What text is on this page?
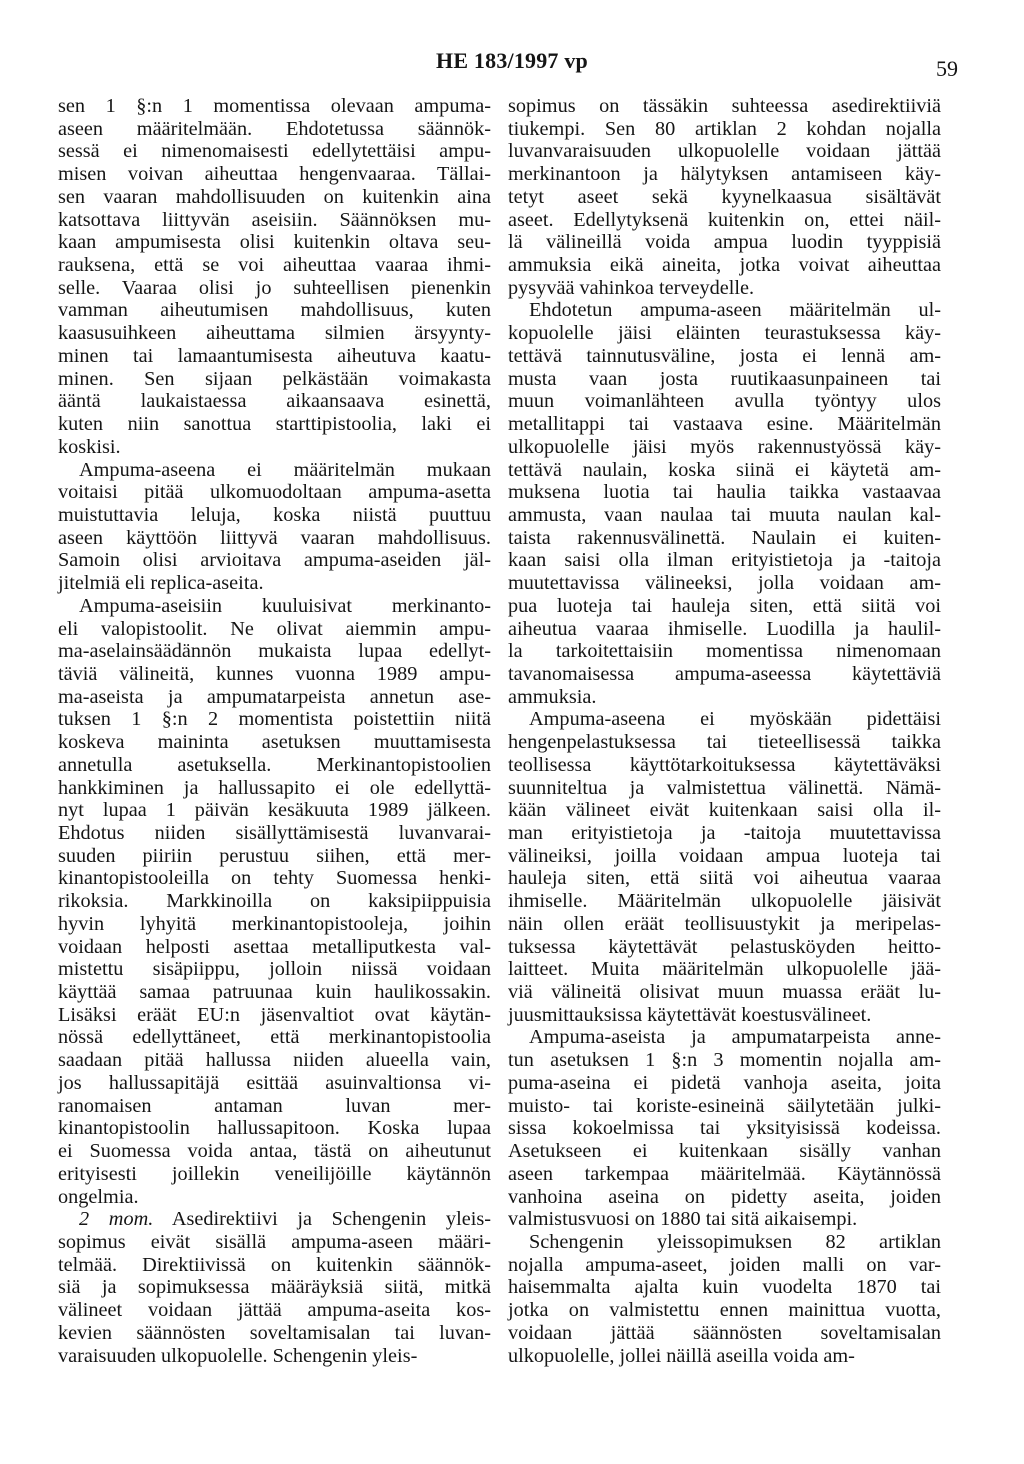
HE 183/1997 vp	59
sen 1 §:n 1 momentissa olevaan ampuma-
aseen määritelmään. Ehdotetussa säännök-
sessä ei nimenomaisesti edellytettäisi ampu-
misen voivan aiheuttaa hengenvaaraa. Tällai-
sen vaaran mahdollisuuden on kuitenkin aina
katsottava liittyvän aseisiin. Säännöksen mu-
kaan ampumisesta olisi kuitenkin oltava seu-
rauksena, että se voi aiheuttaa vaaraa ihmi-
selle. Vaaraa olisi jo suhteellisen pienenkin
vamman aiheutumisen mahdollisuus, kuten
kaasusuihkeen aiheuttama silmien ärsyynty-
minen tai lamaantumisesta aiheutuva kaatu-
minen. Sen sijaan pelkästään voimakasta
ääntä laukaistaessa aikaansaava esinettä,
kuten niin sanottua starttipistoolia, laki ei
koskisi.
Ampuma-aseena ei määritelmän mukaan
voitaisi pitää ulkomuodoltaan ampuma-asetta
muistuttavia leluja, koska niistä puuttuu
aseen käyttöön liittyvä vaaran mahdollisuus.
Samoin olisi arvioitava ampuma-aseiden jäl-
jitelmiä eli replica-aseita.
Ampuma-aseisiin kuuluisivat merkinanto-
eli valopistoolit. Ne olivat aiemmin ampu-
ma-aselainsäädännön mukaista lupaa edellyt-
täviä välineitä, kunnes vuonna 1989 ampu-
ma-aseista ja ampumatarpeista annetun ase-
tuksen 1 §:n 2 momentista poistettiin niitä
koskeva maininta asetuksen muuttamisesta
annetulla asetuksella. Merkinantopistoolien
hankkiminen ja hallussapito ei ole edellyttä-
nyt lupaa 1 päivän kesäkuuta 1989 jälkeen.
Ehdotus niiden sisällyttämisestä luvanvarai-
suuden piiriin perustuu siihen, että mer-
kinantopistooleilla on tehty Suomessa henki-
rikoksia. Markkinoilla on kaksipiippuisia
hyvin lyhyitä merkinantopistooleja, joihin
voidaan helposti asettaa metalliputkesta val-
mistettu sisäpiippu, jolloin niissä voidaan
käyttää samaa patruunaa kuin haulikossakin.
Lisäksi eräät EU:n jäsenvaltiot ovat käytän-
nössä edellyttäneet, että merkinantopistoolia
saadaan pitää hallussa niiden alueella vain,
jos hallussapitäjä esittää asuinvaltionsa vi-
ranomaisen antaman luvan mer-
kinantopistoolin hallussapitoon. Koska lupaa
ei Suomessa voida antaa, tästä on aiheutunut
erityisesti joillekin veneilijöille käytännön
ongelmia.
2 mom. Asedirektiivi ja Schengenin yleis-
sopimus eivät sisällä ampuma-aseen määri-
telmää. Direktiivissä on kuitenkin säännök-
siä ja sopimuksessa määräyksiä siitä, mitkä
välineet voidaan jättää ampuma-aseita kos-
kevien säännösten soveltamisalan tai luvan-
varaisuuden ulkopuolelle. Schengenin yleis-
sopimus on tässäkin suhteessa asedirektiiviä
tiukempi. Sen 80 artiklan 2 kohdan nojalla
luvanvaraisuuden ulkopuolelle voidaan jättää
merkinantoon ja hälytyksen antamiseen käy-
tetyt aseet sekä kyynelkaasua sisältävät
aseet. Edellytyksenä kuitenkin on, ettei näil-
lä välineillä voida ampua luodin tyyppisiä
ammuksia eikä aineita, jotka voivat aiheuttaa
pysyvää vahinkoa terveydelle.
Ehdotetun ampuma-aseen määritelmän ul-
kopuolelle jäisi eläinten teurastuksessa käy-
tettävä tainnutusväline, josta ei lennä am-
musta vaan josta ruutikaasunpaineen tai
muun voimanlähteen avulla työntyy ulos
metallitappi tai vastaava esine. Määritelmän
ulkopuolelle jäisi myös rakennustyössä käy-
tettävä naulain, koska siinä ei käytetä am-
muksena luotia tai haulia taikka vastaavaa
ammusta, vaan naulaa tai muuta naulan kal-
taista rakennusvälinettä. Naulain ei kuiten-
kaan saisi olla ilman erityistietoja ja -taitoja
muutettavissa välineeksi, jolla voidaan am-
pua luoteja tai hauleja siten, että siitä voi
aiheutua vaaraa ihmiselle. Luodilla ja haulil-
la tarkoitettaisiin momentissa nimenomaan
tavanomaisessa ampuma-aseessa käytettäviä
ammuksia.
Ampuma-aseena ei myöskään pidettäisi
hengenpelastuksessa tai tieteellisessä taikka
teollisessa käyttötarkoituksessa käytettäväksi
suunniteltua ja valmistettua välinettä. Nämä-
kään välineet eivät kuitenkaan saisi olla il-
man erityistietoja ja -taitoja muutettavissa
välineiksi, joilla voidaan ampua luoteja tai
hauleja siten, että siitä voi aiheutua vaaraa
ihmiselle. Määritelmän ulkopuolelle jäisivät
näin ollen eräät teollisuustykit ja meripelas-
tuksessa käytettävät pelastusköyden heitto-
laitteet. Muita määritelmän ulkopuolelle jää-
viä välineitä olisivat muun muassa eräät lu-
juusmittauksissa käytettävät koestusvälineet.
Ampuma-aseista ja ampumatarpeista anne-
tun asetuksen 1 §:n 3 momentin nojalla am-
puma-aseina ei pidetä vanhoja aseita, joita
muisto- tai koriste-esineinä säilytetään julki-
sissa kokoelmissa tai yksityisissä kodeissa.
Asetukseen ei kuitenkaan sisälly vanhan
aseen tarkempaa määritelmää. Käytännössä
vanhoina aseina on pidetty aseita, joiden
valmistusvuosi on 1880 tai sitä aikaisempi.
Schengenin yleissopimuksen 82 artiklan
nojalla ampuma-aseet, joiden malli on var-
haisemmalta ajalta kuin vuodelta 1870 tai
jotka on valmistettu ennen mainittua vuotta,
voidaan jättää säännösten soveltamisalan
ulkopuolelle, jollei näillä aseilla voida am-
